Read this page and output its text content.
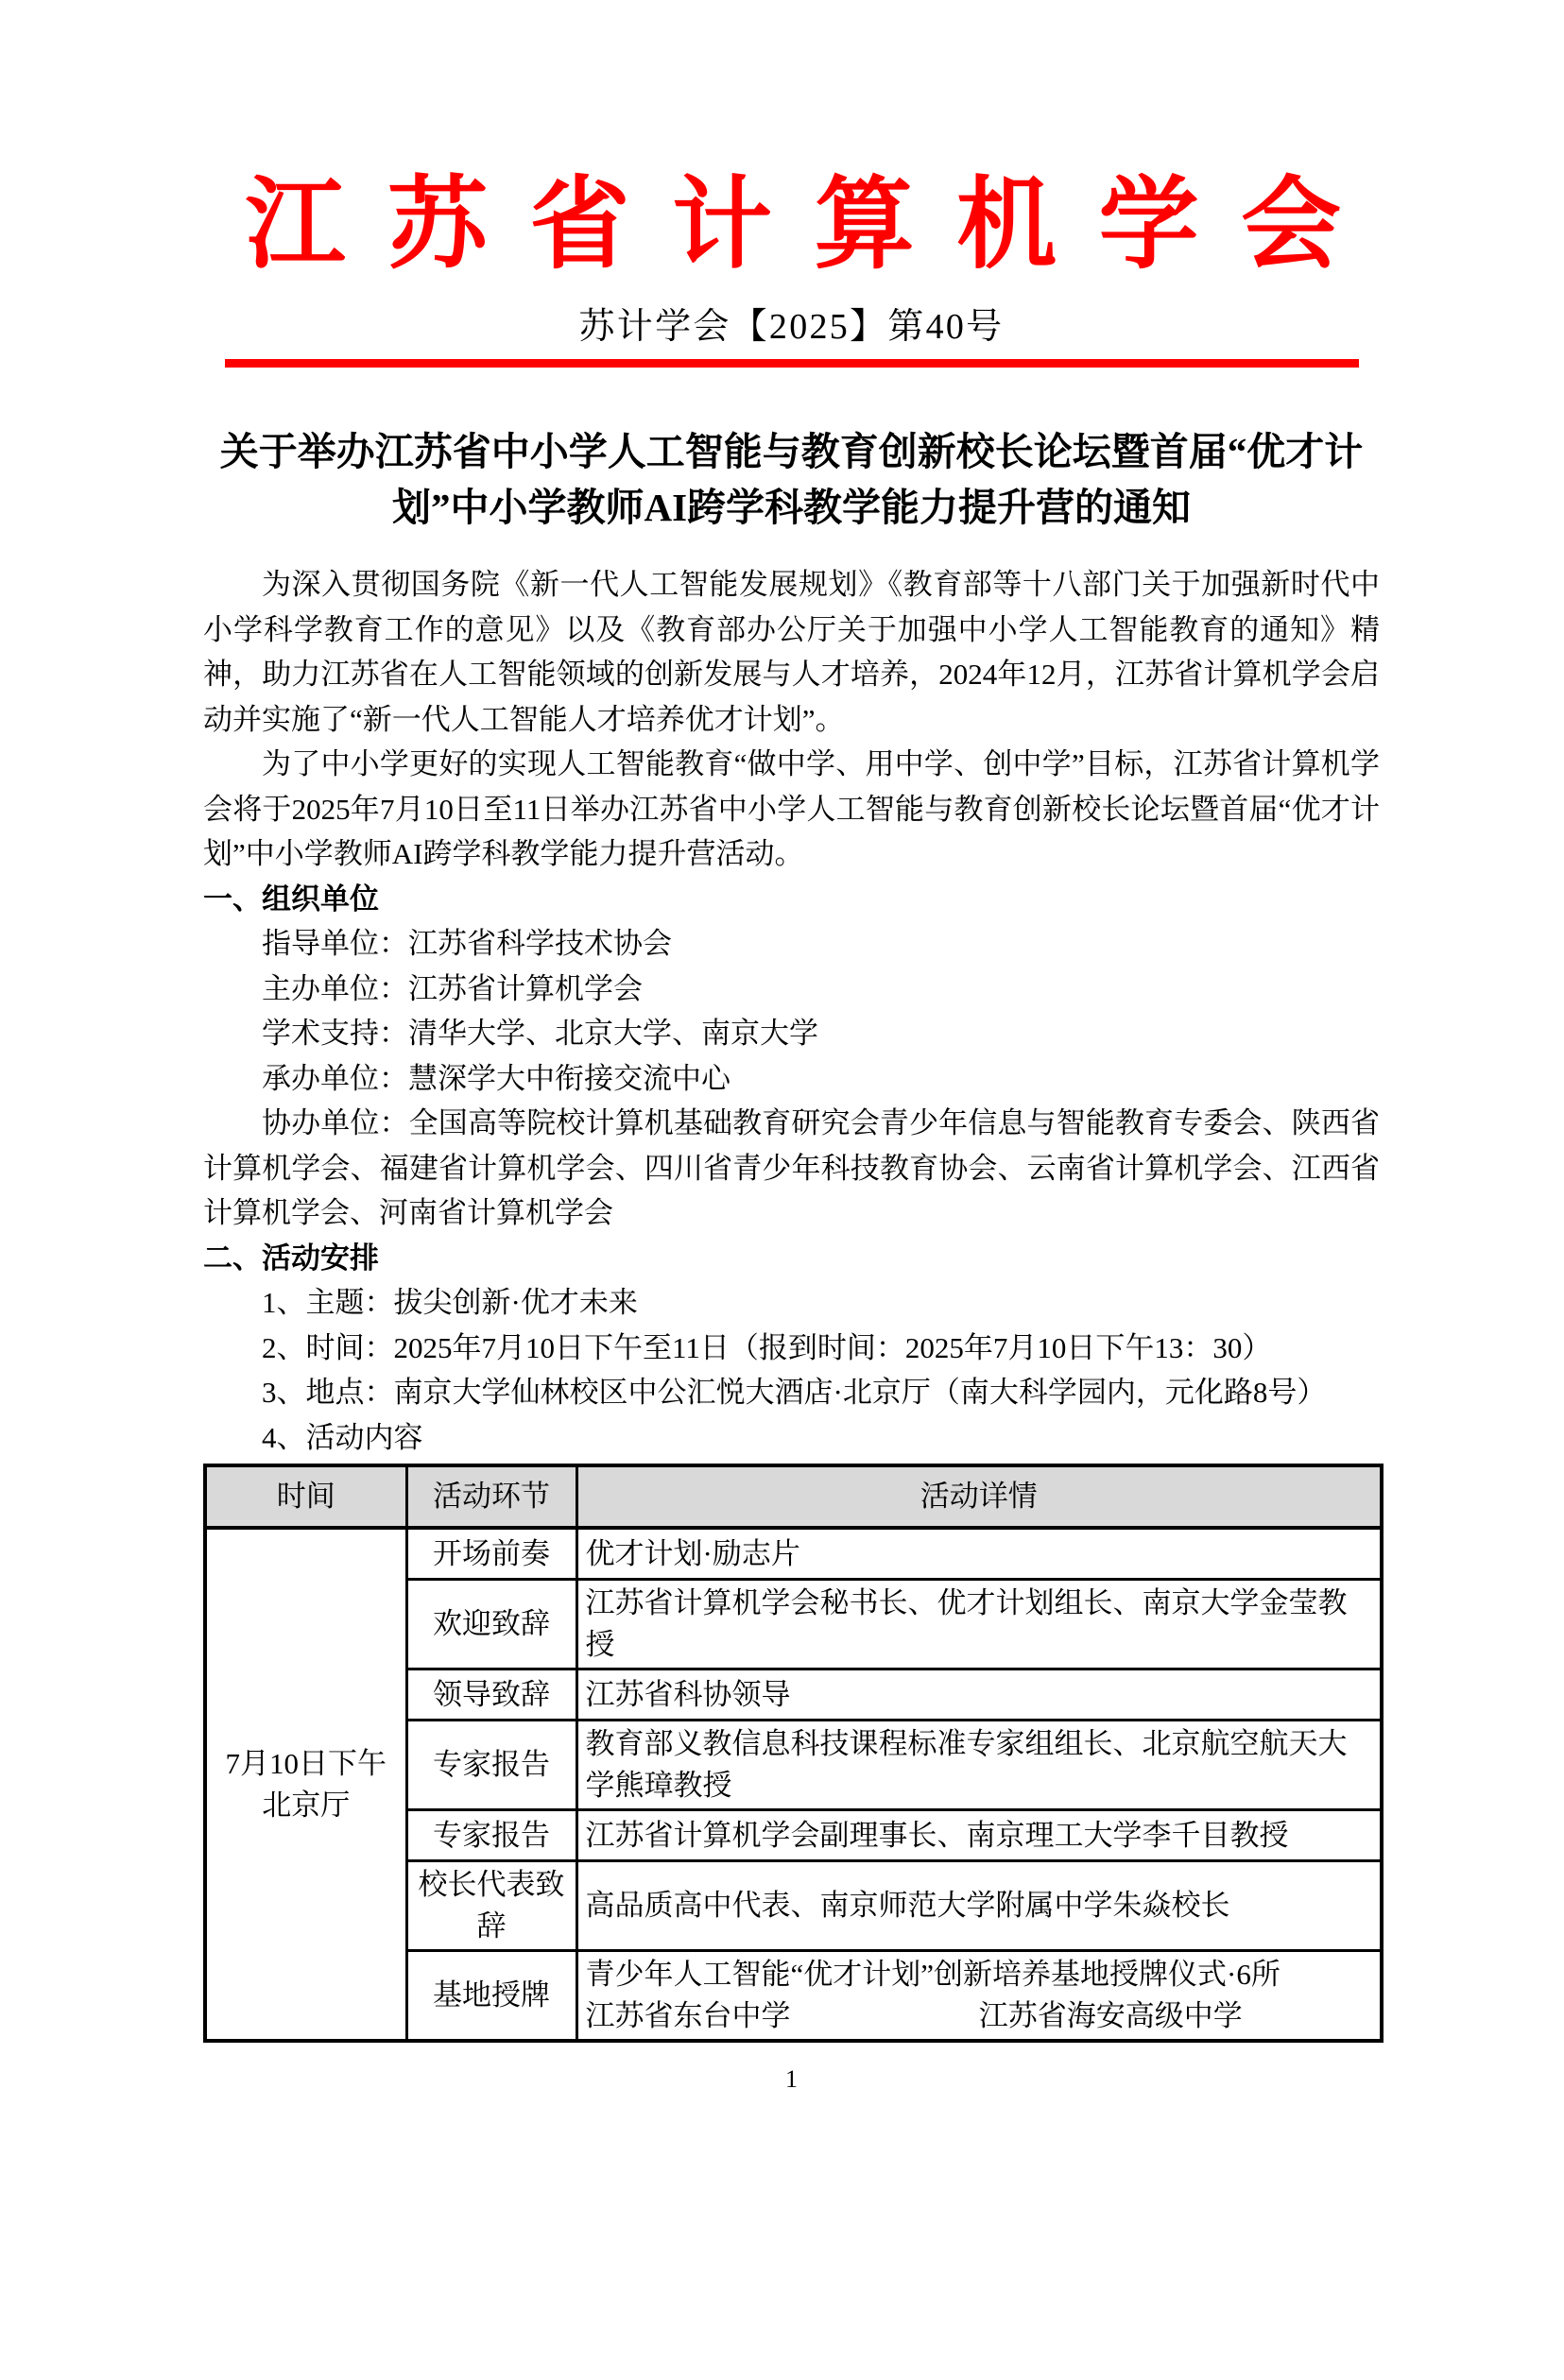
江苏省计算机学会
苏计学会【2025】第40号
关于举办江苏省中小学人工智能与教育创新校长论坛暨首届“优才计
划”中小学教师AI跨学科教学能力提升营的通知

为深入贯彻国务院《新一代人工智能发展规划》《教育部等十八部门关于加强新时代中小学科学教育工作的意见》以及《教育部办公厅关于加强中小学人工智能教育的通知》精神，助力江苏省在人工智能领域的创新发展与人才培养，2024年12月，江苏省计算机学会启动并实施了“新一代人工智能人才培养优才计划”。

为了中小学更好的实现人工智能教育“做中学、用中学、创中学”目标，江苏省计算机学会将于2025年7月10日至11日举办江苏省中小学人工智能与教育创新校长论坛暨首届“优才计划”中小学教师AI跨学科教学能力提升营活动。

一、组织单位

指导单位：江苏省科学技术协会

主办单位：江苏省计算机学会

学术支持：清华大学、北京大学、南京大学

承办单位：慧深学大中衔接交流中心

协办单位：全国高等院校计算机基础教育研究会青少年信息与智能教育专委会、陕西省计算机学会、福建省计算机学会、四川省青少年科技教育协会、云南省计算机学会、江西省计算机学会、河南省计算机学会

二、活动安排

1、主题：拔尖创新·优才未来

2、时间：2025年7月10日下午至11日（报到时间：2025年7月10日下午13：30）

3、地点：南京大学仙林校区中公汇悦大酒店·北京厅（南大科学园内，元化路8号）

4、活动内容

时间	活动环节	活动详情

7月10日下午
北京厅	开场前奏	优才计划·励志片
	欢迎致辞	江苏省计算机学会秘书长、优才计划组长、南京大学金莹教授
	领导致辞	江苏省科协领导
	专家报告	教育部义教信息科技课程标准专家组组长、北京航空航天大学熊璋教授
	专家报告	江苏省计算机学会副理事长、南京理工大学李千目教授
	校长代表致辞	高品质高中代表、南京师范大学附属中学朱焱校长
	基地授牌	青少年人工智能“优才计划”创新培养基地授牌仪式·6所
江苏省东台中学 江苏省海安高级中学
1
